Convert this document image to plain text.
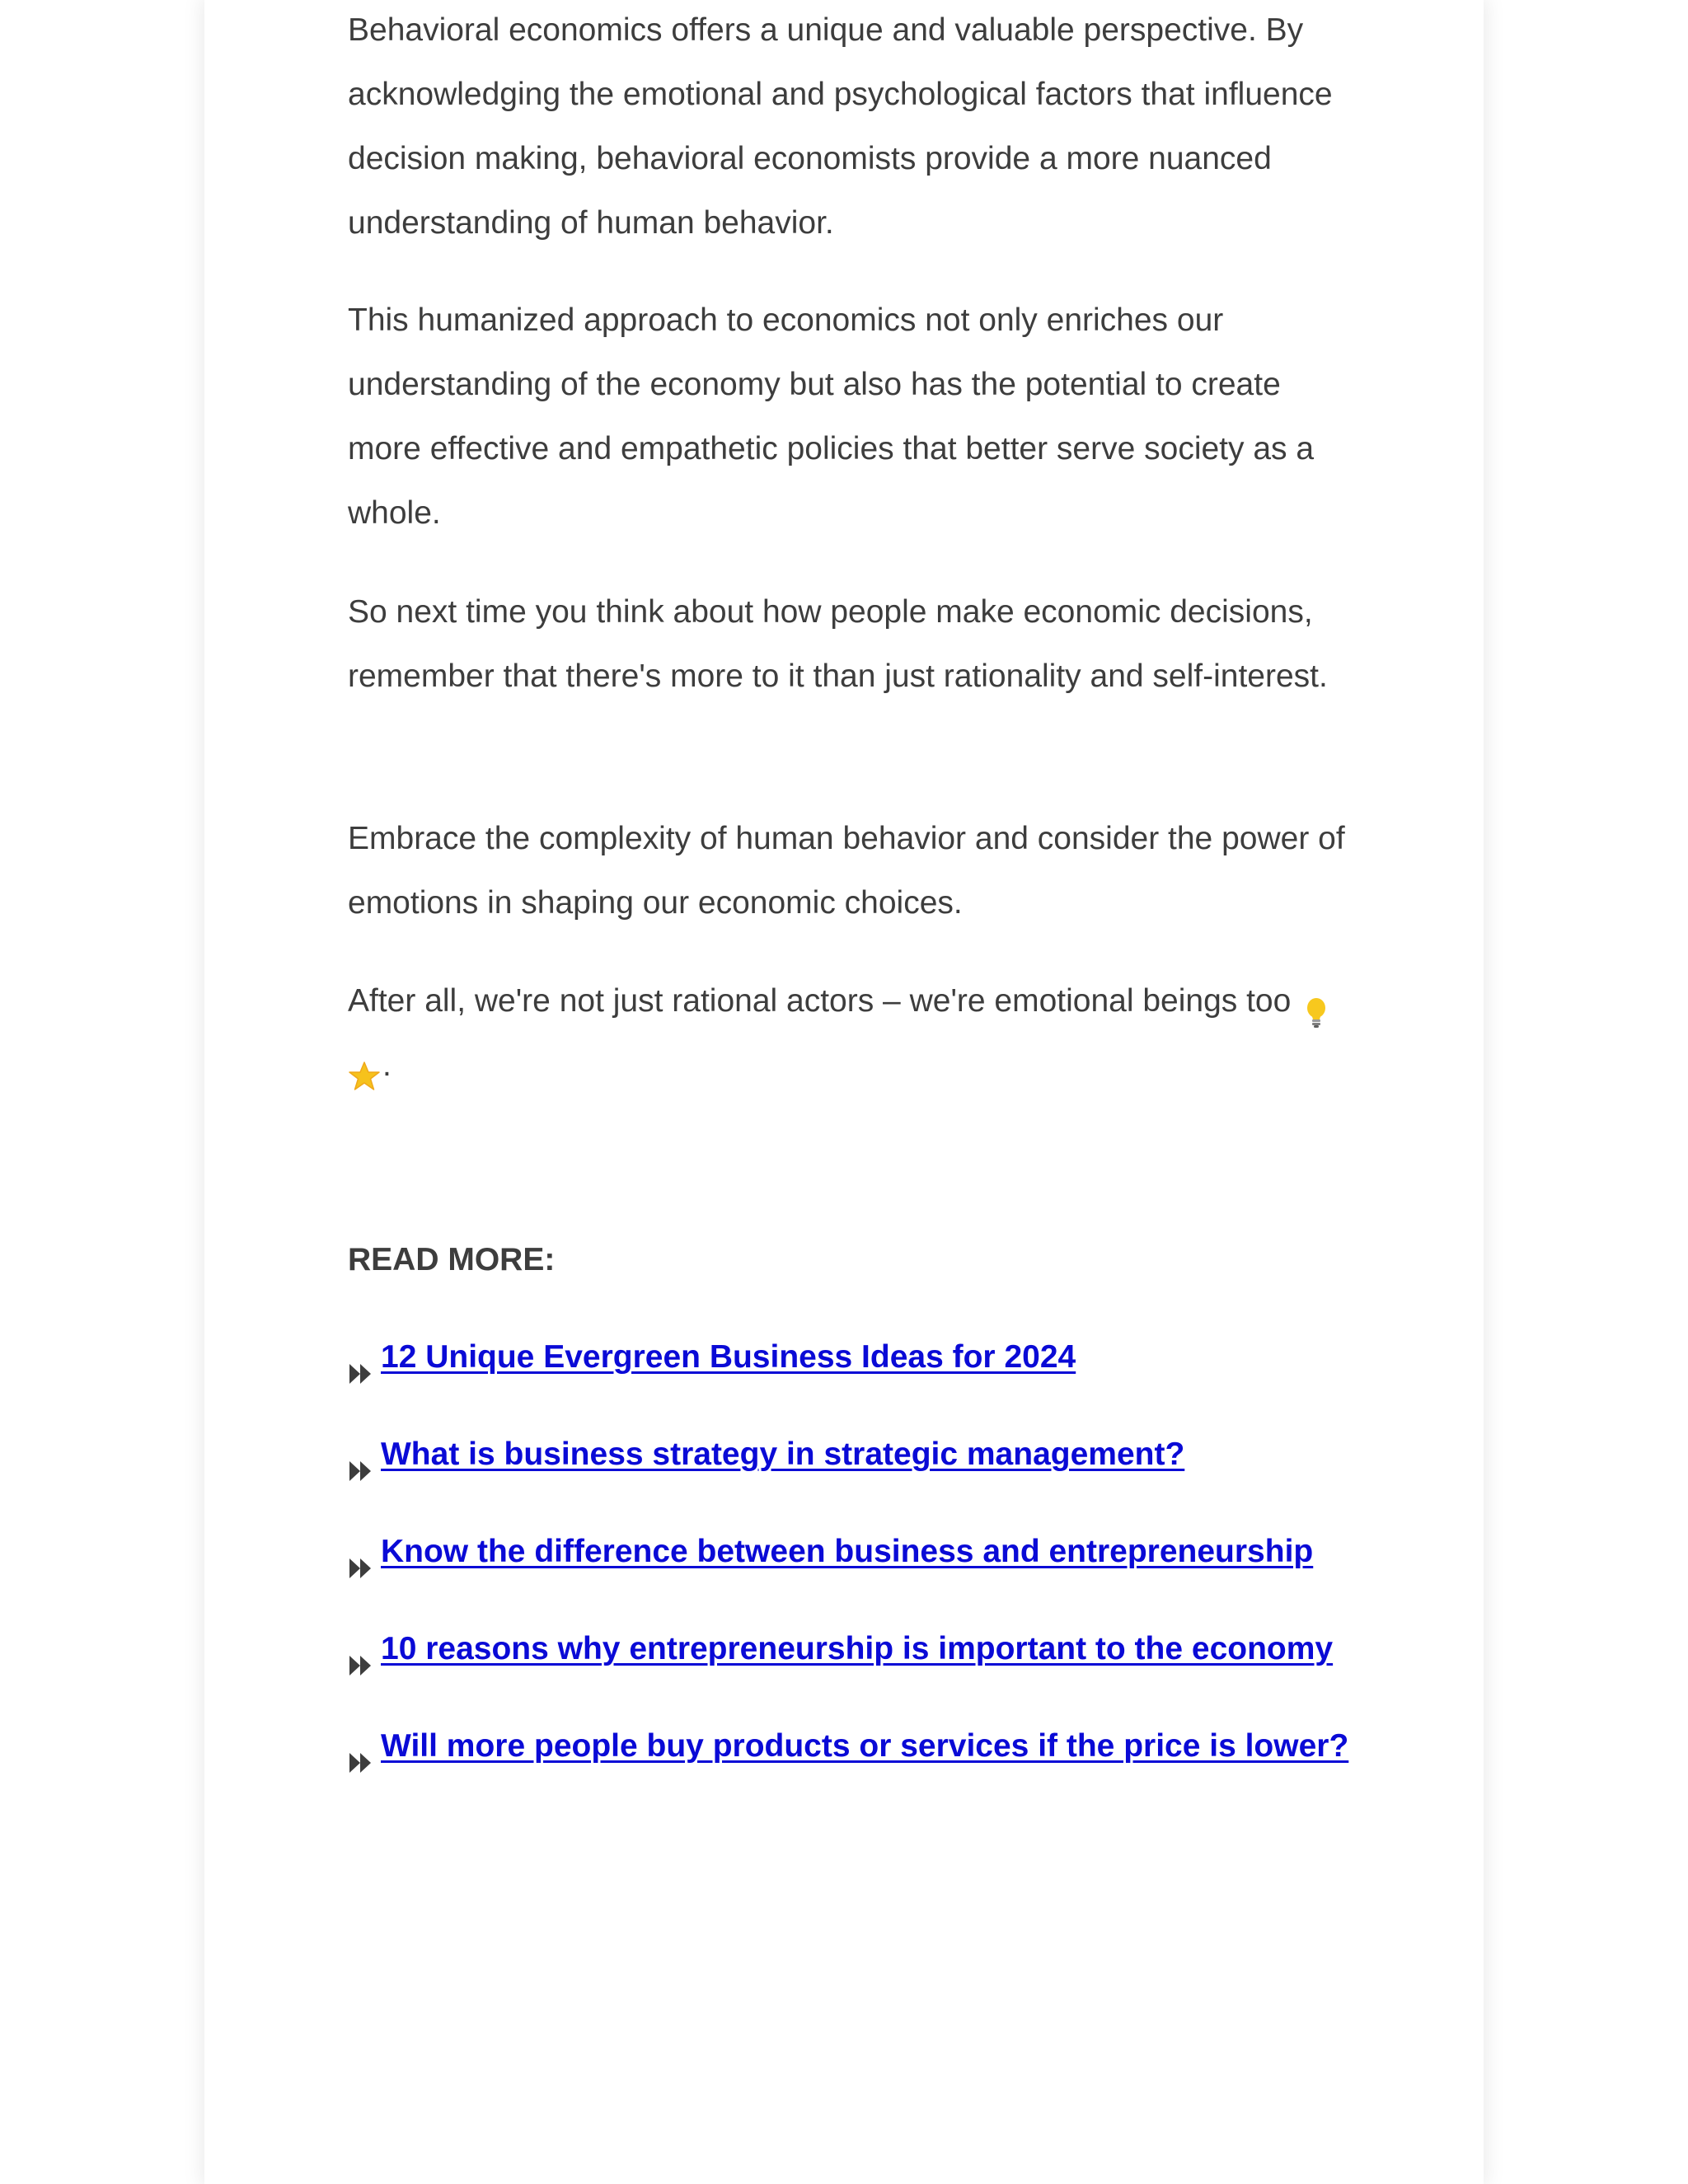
Behavioral economics offers a unique and valuable perspective. By acknowledging the emotional and psychological factors that influence decision making, behavioral economists provide a more nuanced understanding of human behavior.

This humanized approach to economics not only enriches our understanding of the economy but also has the potential to create more effective and empathetic policies that better serve society as a whole.

So next time you think about how people make economic decisions, remember that there's more to it than just rationality and self-interest.

Embrace the complexity of human behavior and consider the power of emotions in shaping our economic choices.

After all, we're not just rational actors – we're emotional beings too .

READ MORE:

12 Unique Evergreen Business Ideas for 2024
What is business strategy in strategic management?
Know the difference between business and entrepreneurship
10 reasons why entrepreneurship is important to the economy
Will more people buy products or services if the price is lower?
